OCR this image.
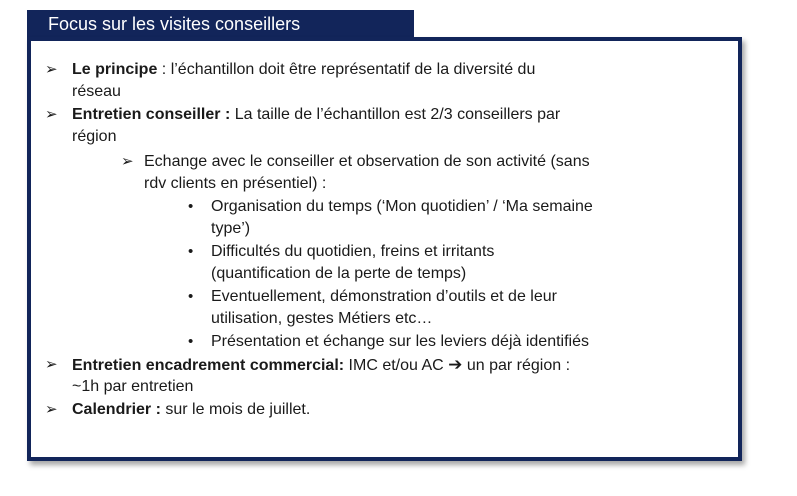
Focus sur les visites conseillers
➢ Le principe : l’échantillon doit être représentatif de la diversité du
réseau
➢ Entretien conseiller : La taille de l’échantillon est 2/3 conseillers par
région
➢ Echange avec le conseiller et observation de son activité (sans
rdv clients en présentiel) :
• Organisation du temps (‘Mon quotidien’ / ‘Ma semaine
type’)
• Difficultés du quotidien, freins et irritants
(quantification de la perte de temps)
• Eventuellement, démonstration d’outils et de leur
utilisation, gestes Métiers etc…
• Présentation et échange sur les leviers déjà identifiés
➢ Entretien encadrement commercial: IMC et/ou AC ➔ un par région :
~1h par entretien
➢ Calendrier : sur le mois de juillet.
